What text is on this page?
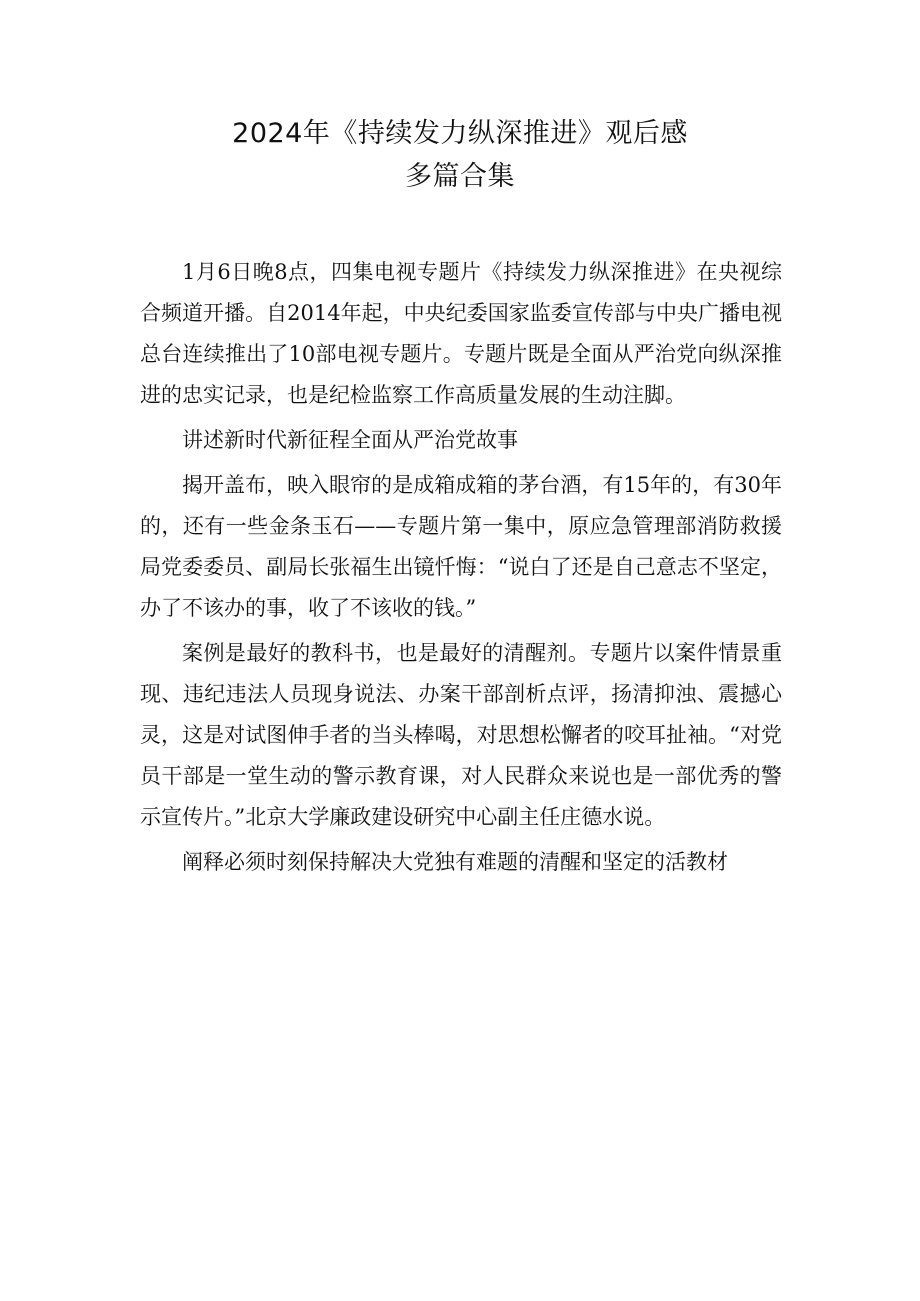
2024年《持续发力纵深推进》观后感
多篇合集

1月6日晚8点，四集电视专题片《持续发力纵深推进》在央视综合频道开播。自2014年起，中央纪委国家监委宣传部与中央广播电视总台连续推出了10部电视专题片。专题片既是全面从严治党向纵深推进的忠实记录，也是纪检监察工作高质量发展的生动注脚。

讲述新时代新征程全面从严治党故事

揭开盖布，映入眼帘的是成箱成箱的茅台酒，有15年的，有30年的，还有一些金条玉石——专题片第一集中，原应急管理部消防救援局党委委员、副局长张福生出镜忏悔：“说白了还是自己意志不坚定，办了不该办的事，收了不该收的钱。”

案例是最好的教科书，也是最好的清醒剂。专题片以案件情景重现、违纪违法人员现身说法、办案干部剖析点评，扬清抑浊、震撼心灵，这是对试图伸手者的当头棒喝，对思想松懈者的咬耳扯袖。“对党员干部是一堂生动的警示教育课，对人民群众来说也是一部优秀的警示宣传片。”北京大学廉政建设研究中心副主任庄德水说。

阐释必须时刻保持解决大党独有难题的清醒和坚定的活教材
